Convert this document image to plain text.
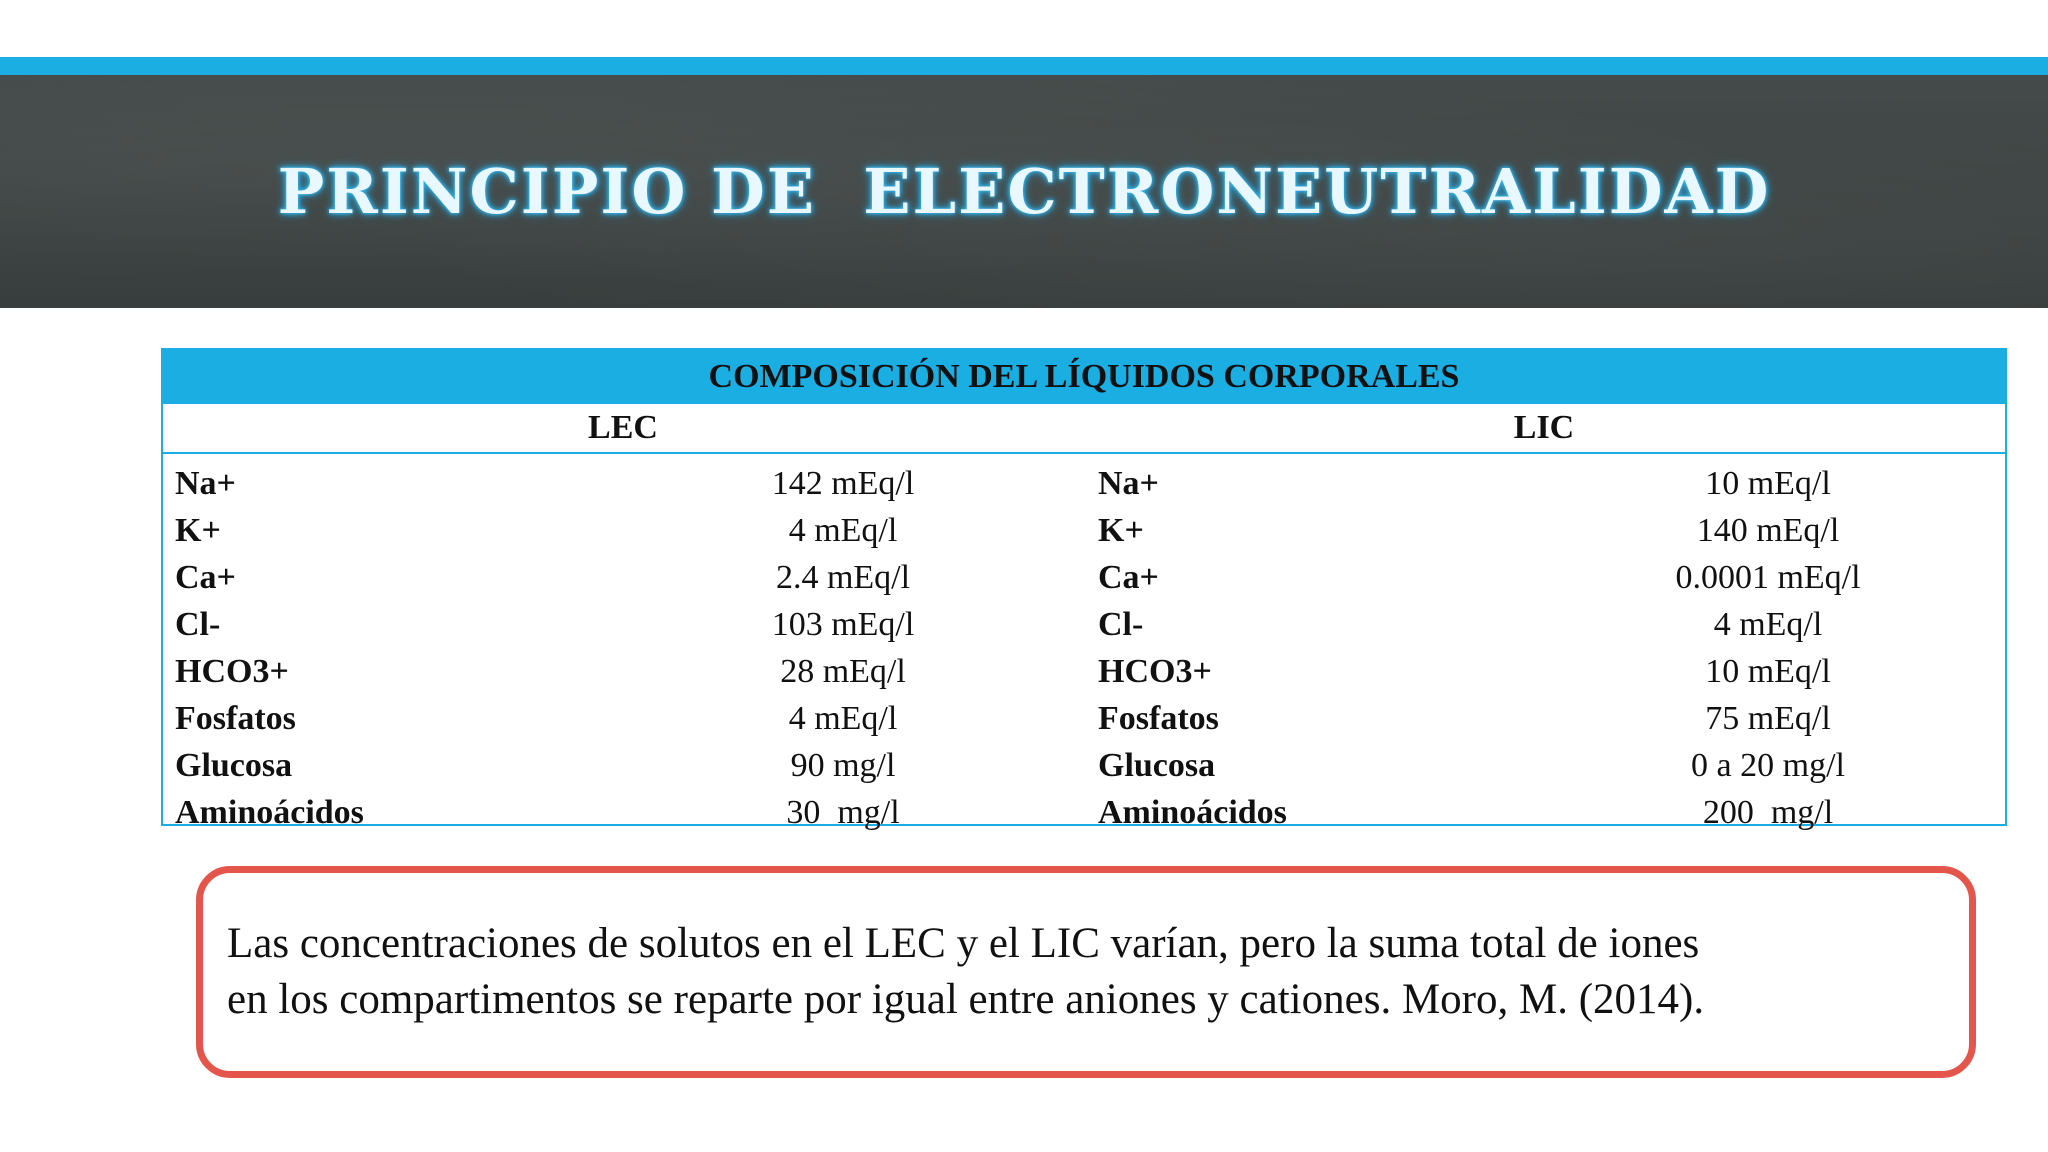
PRINCIPIO DE  ELECTRONEUTRALIDAD
COMPOSICIÓN DEL LÍQUIDOS CORPORALES
LEC	LIC
Na+	142 mEq/l	Na+	10 mEq/l
K+	4 mEq/l	K+	140 mEq/l
Ca+	2.4 mEq/l	Ca+	0.0001 mEq/l
Cl-	103 mEq/l	Cl-	4 mEq/l
HCO3+	28 mEq/l	HCO3+	10 mEq/l
Fosfatos	4 mEq/l	Fosfatos	75 mEq/l
Glucosa	90 mg/l	Glucosa	0 a 20 mg/l
Aminoácidos	30  mg/l	Aminoácidos	200  mg/l
Las concentraciones de solutos en el LEC y el LIC varían, pero la suma total de iones
en los compartimentos se reparte por igual entre aniones y cationes. Moro, M. (2014).
